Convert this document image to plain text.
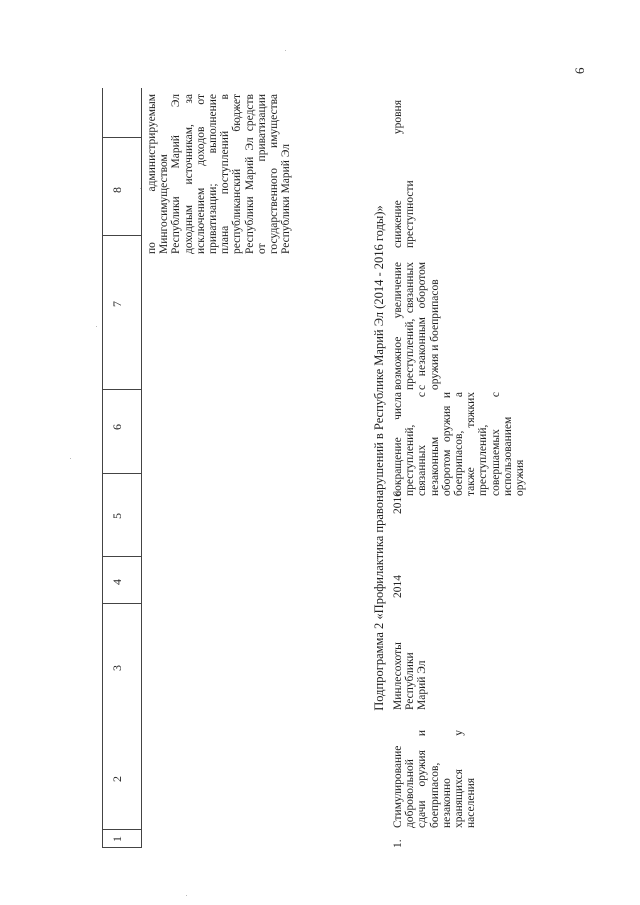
6
1
2
3
4
5
6
7
8 по администрируемым Мингосимуществом Республики Марий Эл доходным источникам, за исключением доходов от приватизации; выполнение плана поступлений в республиканский бюджет Республики Марий Эл средств от приватизации государственного имущества Республики Марий Эл
Подпрограмма 2 «Профилактика правонарушений в Республике Марий Эл (2014 - 2016 годы)»
1.
Стимулирование добровольной сдачи оружия и боеприпасов, незаконно хранящихся у населения
Минлесохоты Республики Марий Эл
2014
2016
сокращение числа преступлений, связанных с незаконным оборотом оружия и боеприпасов, а также тяжких преступлений, совершаемых с использованием оружия
возможное увеличение преступлений, связанных с незаконным оборотом оружия и боеприпасов
снижение уровня преступности
